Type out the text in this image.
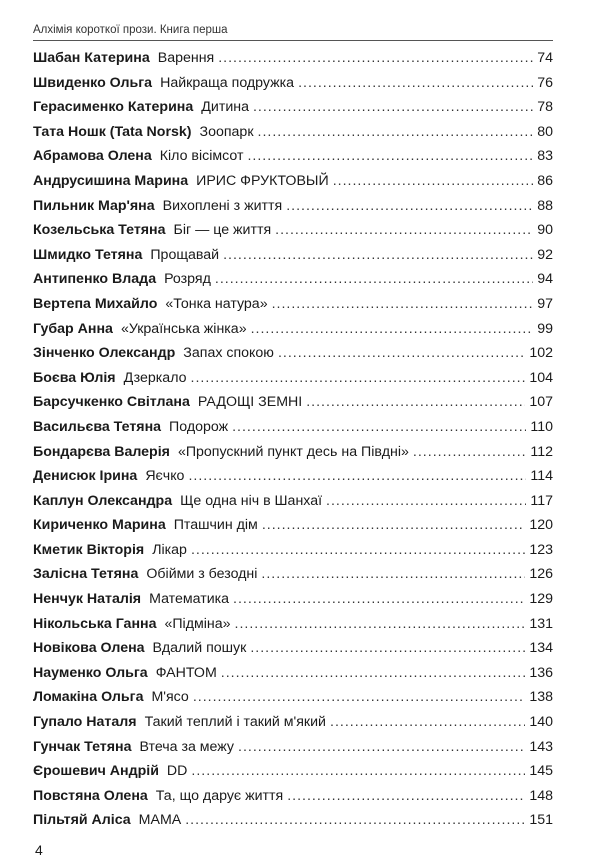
Алхімія короткої прози. Книга перша
Шабан Катерина Варення .....	74
Швиденко Ольга Найкраща подружка .....	76
Герасименко Катерина Дитина .....	78
Тата Ношк (Tata Norsk) Зоопарк .....	80
Абрамова Олена Кіло вісімсот .....	83
Андрусишина Марина ИРИС ФРУКТОВЫЙ .....	86
Пильник Мар'яна Вихоплені з життя .....	88
Козельська Тетяна Біг — це життя .....	90
Шмидко Тетяна Прощавай .....	92
Антипенко Влада Розряд .....	94
Вертепа Михайло «Тонка натура» .....	97
Губар Анна «Українська жінка» .....	99
Зінченко Олександр Запах спокою .....	102
Боєва Юлія Дзеркало .....	104
Барсучкенко Світлана РАДОЩІ ЗЕМНІ .....	107
Васильєва Тетяна Подорож .....	110
Бондарєва Валерія «Пропускний пункт десь на Півдні» .....	112
Денисюк Ірина Яєчко .....	114
Каплун Олександра Ще одна ніч в Шанхаї .....	117
Кириченко Марина Пташчин дім .....	120
Кметик Вікторія Лікар .....	123
Залісна Тетяна Обійми з безодні .....	126
Ненчук Наталія Математика .....	129
Нікольська Ганна «Підміна» .....	131
Новікова Олена Вдалий пошук .....	134
Науменко Ольга ФАНТОМ .....	136
Ломакіна Ольга М'ясо .....	138
Гупало Наталя Такий теплий і такий м'який .....	140
Гунчак Тетяна Втеча за межу .....	143
Єрошевич Андрій DD .....	145
Повстяна Олена Та, що дарує життя .....	148
Пільтяй Аліса МАМА .....	151
4
